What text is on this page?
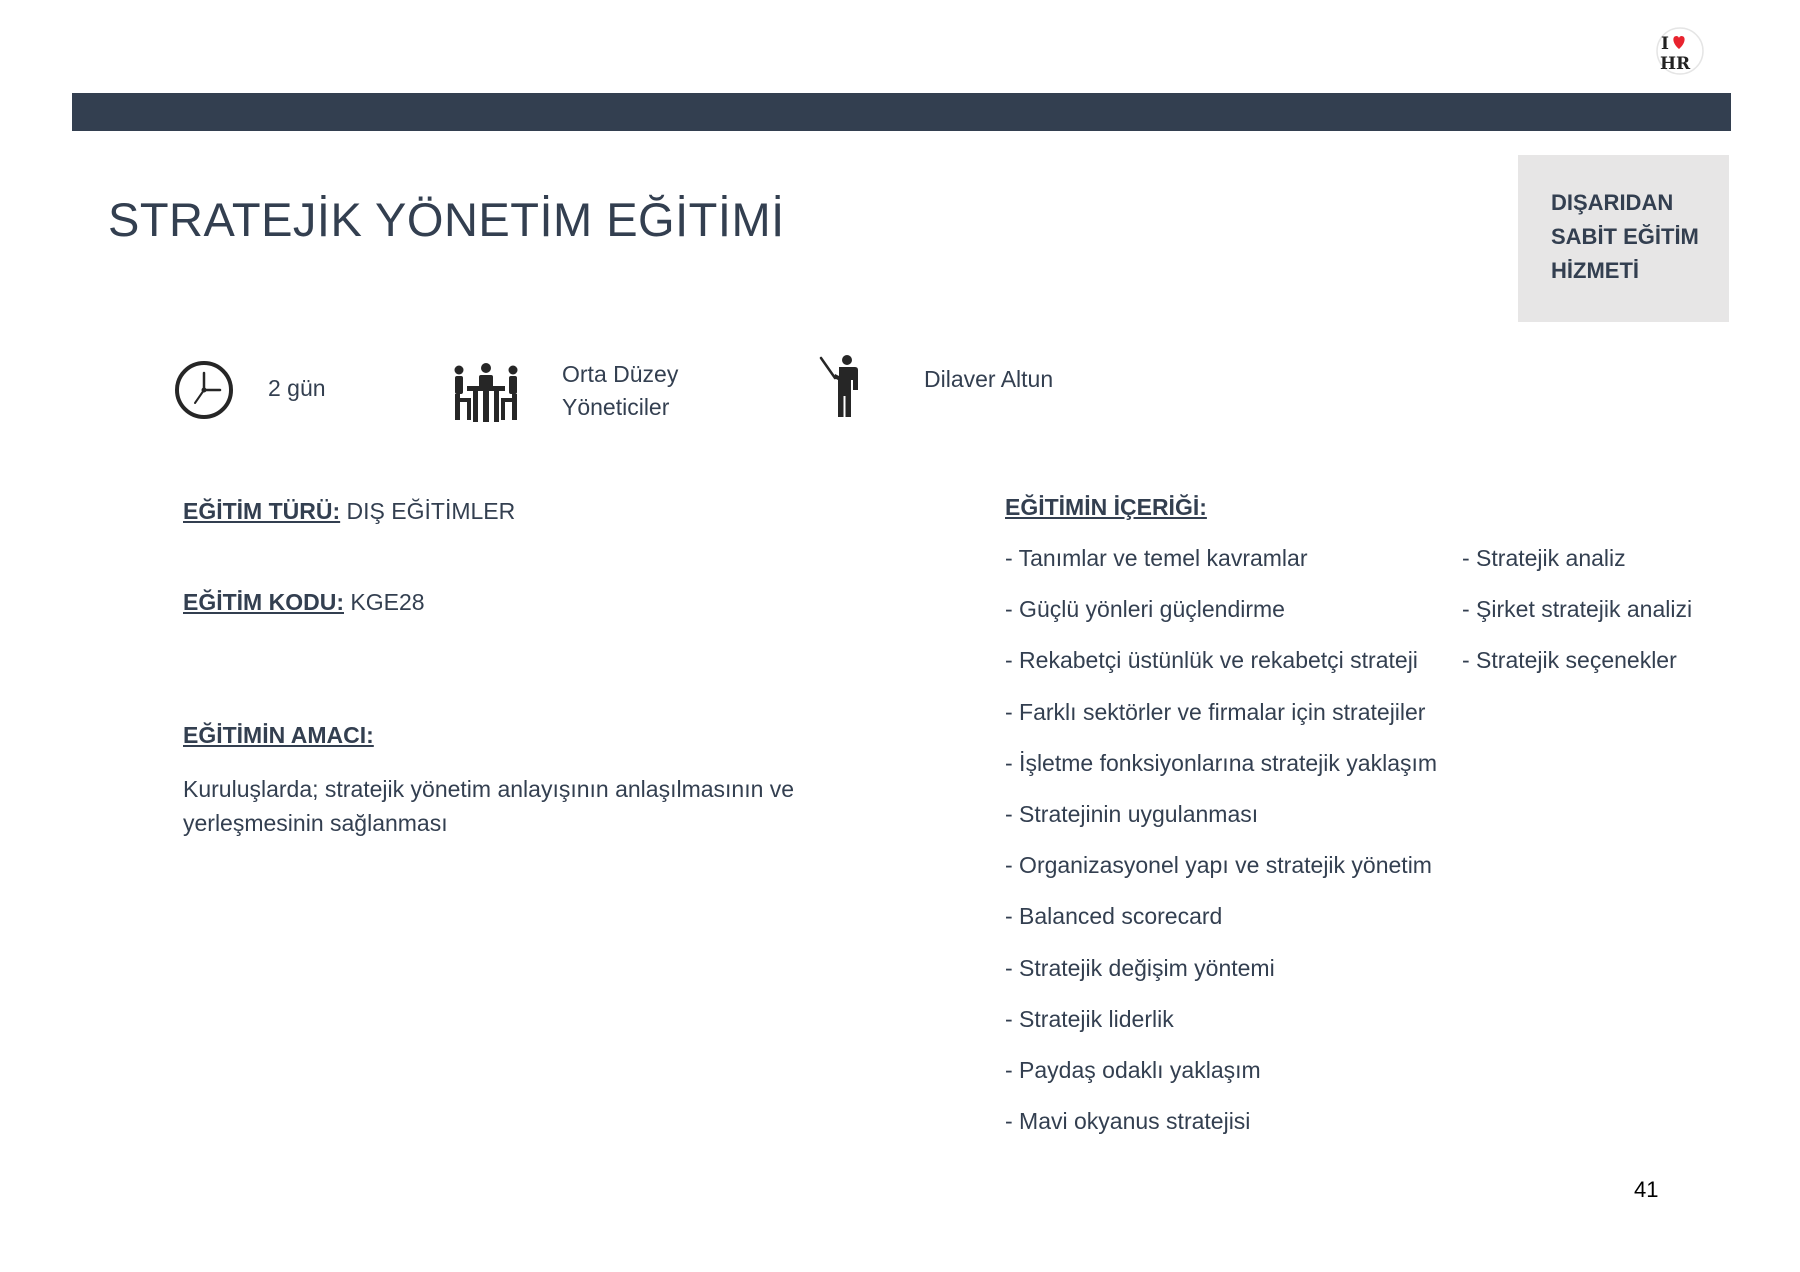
I
HR
STRATEJİK YÖNETİM EĞİTİMİ	DIŞARIDAN
SABİT EĞİTİM
HİZMETİ
2 gün
Orta Düzey
Yöneticiler
Dilaver Altun
EĞİTİM TÜRÜ: DIŞ EĞİTİMLER
EĞİTİM KODU: KGE28
EĞİTİMİN AMACI:
Kuruluşlarda; stratejik yönetim anlayışının anlaşılmasının ve yerleşmesinin sağlanması
EĞİTİMİN İÇERİĞİ:
- Tanımlar ve temel kavramlar
- Güçlü yönleri güçlendirme
- Rekabetçi üstünlük ve rekabetçi strateji
- Farklı sektörler ve firmalar için stratejiler
- İşletme fonksiyonlarına stratejik yaklaşım
- Stratejinin uygulanması
- Organizasyonel yapı ve stratejik yönetim
- Balanced scorecard
- Stratejik değişim yöntemi
- Stratejik liderlik
- Paydaş odaklı yaklaşım
- Mavi okyanus stratejisi
- Stratejik analiz
- Şirket stratejik analizi
- Stratejik seçenekler
41
